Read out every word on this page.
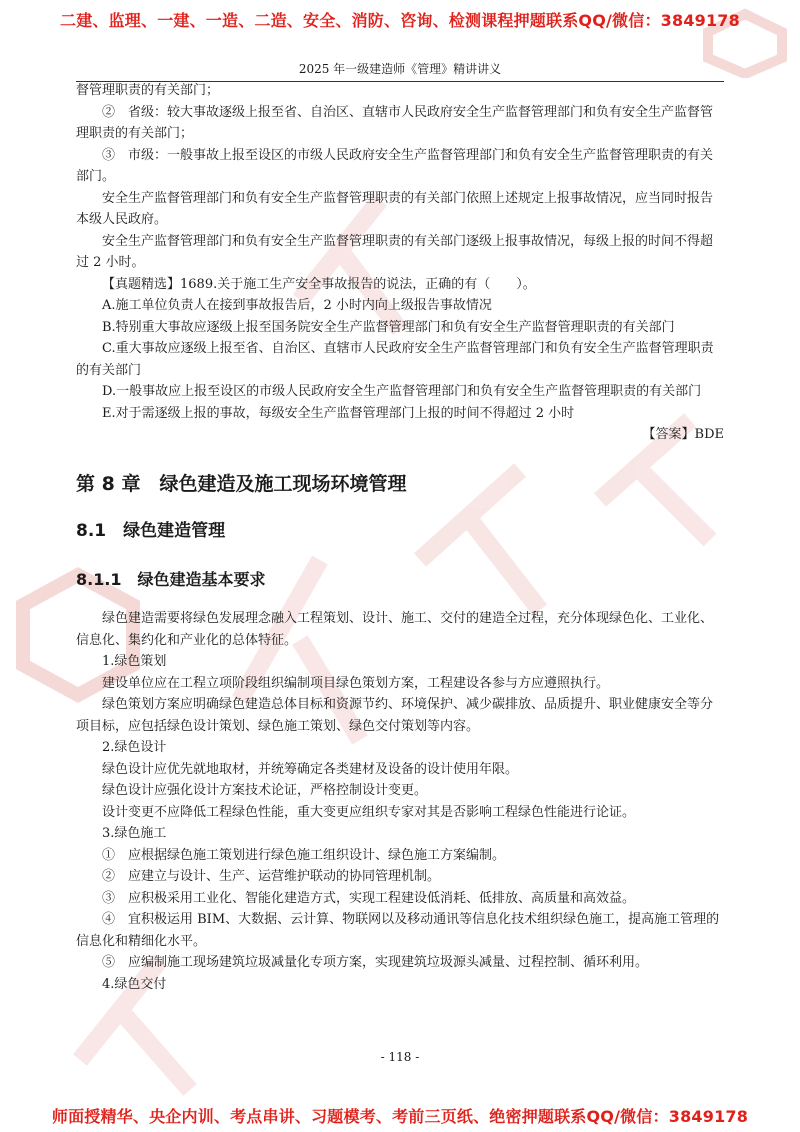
二建、监理、一建、一造、二造、安全、消防、咨询、检测课程押题联系QQ/微信：3849178
2025 年一级建造师《管理》精讲讲义

督管理职责的有关部门；

②　省级：较大事故逐级上报至省、自治区、直辖市人民政府安全生产监督管理部门和负有安全生产监督管理职责的有关部门；

③　市级：一般事故上报至设区的市级人民政府安全生产监督管理部门和负有安全生产监督管理职责的有关部门。

安全生产监督管理部门和负有安全生产监督管理职责的有关部门依照上述规定上报事故情况，应当同时报告本级人民政府。

安全生产监督管理部门和负有安全生产监督管理职责的有关部门逐级上报事故情况，每级上报的时间不得超过 2 小时。

【真题精选】1689.关于施工生产安全事故报告的说法，正确的有（　　）。

A.施工单位负责人在接到事故报告后，2 小时内向上级报告事故情况

B.特别重大事故应逐级上报至国务院安全生产监督管理部门和负有安全生产监督管理职责的有关部门

C.重大事故应逐级上报至省、自治区、直辖市人民政府安全生产监督管理部门和负有安全生产监督管理职责的有关部门

D.一般事故应上报至设区的市级人民政府安全生产监督管理部门和负有安全生产监督管理职责的有关部门

E.对于需逐级上报的事故，每级安全生产监督管理部门上报的时间不得超过 2 小时

【答案】BDE

第 8 章　绿色建造及施工现场环境管理
8.1　绿色建造管理
8.1.1　绿色建造基本要求

绿色建造需要将绿色发展理念融入工程策划、设计、施工、交付的建造全过程，充分体现绿色化、工业化、信息化、集约化和产业化的总体特征。

1.绿色策划

建设单位应在工程立项阶段组织编制项目绿色策划方案，工程建设各参与方应遵照执行。

绿色策划方案应明确绿色建造总体目标和资源节约、环境保护、减少碳排放、品质提升、职业健康安全等分项目标，应包括绿色设计策划、绿色施工策划、绿色交付策划等内容。

2.绿色设计

绿色设计应优先就地取材，并统筹确定各类建材及设备的设计使用年限。

绿色设计应强化设计方案技术论证，严格控制设计变更。

设计变更不应降低工程绿色性能，重大变更应组织专家对其是否影响工程绿色性能进行论证。

3.绿色施工

①　应根据绿色施工策划进行绿色施工组织设计、绿色施工方案编制。

②　应建立与设计、生产、运营维护联动的协同管理机制。

③　应积极采用工业化、智能化建造方式，实现工程建设低消耗、低排放、高质量和高效益。

④　宜积极运用 BIM、大数据、云计算、物联网以及移动通讯等信息化技术组织绿色施工，提高施工管理的信息化和精细化水平。

⑤　应编制施工现场建筑垃圾减量化专项方案，实现建筑垃圾源头减量、过程控制、循环利用。

4.绿色交付

- 118 -
师面授精华、央企内训、考点串讲、习题模考、考前三页纸、绝密押题联系QQ/微信：3849178
